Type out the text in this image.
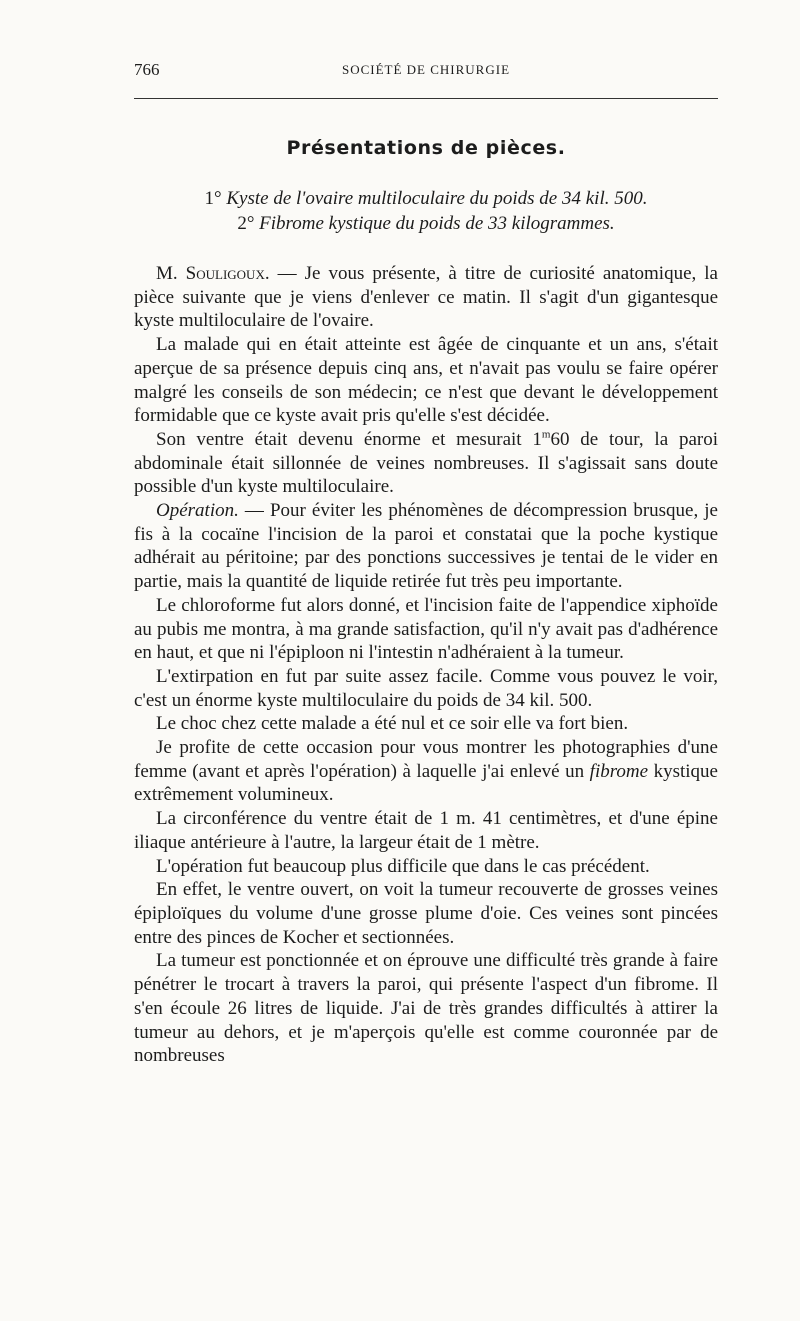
766	SOCIÉTÉ DE CHIRURGIE
Présentations de pièces.
1° Kyste de l'ovaire multiloculaire du poids de 34 kil. 500.
2° Fibrome kystique du poids de 33 kilogrammes.

M. Souligoux. — Je vous présente, à titre de curiosité anatomique, la pièce suivante que je viens d'enlever ce matin. Il s'agit d'un gigantesque kyste multiloculaire de l'ovaire.

La malade qui en était atteinte est âgée de cinquante et un ans, s'était aperçue de sa présence depuis cinq ans, et n'avait pas voulu se faire opérer malgré les conseils de son médecin; ce n'est que devant le développement formidable que ce kyste avait pris qu'elle s'est décidée.

Son ventre était devenu énorme et mesurait 1$^m$60 de tour, la paroi abdominale était sillonnée de veines nombreuses. Il s'agissait sans doute possible d'un kyste multiloculaire.

Opération. — Pour éviter les phénomènes de décompression brusque, je fis à la cocaïne l'incision de la paroi et constatai que la poche kystique adhérait au péritoine; par des ponctions successives je tentai de le vider en partie, mais la quantité de liquide retirée fut très peu importante.

Le chloroforme fut alors donné, et l'incision faite de l'appendice xiphoïde au pubis me montra, à ma grande satisfaction, qu'il n'y avait pas d'adhérence en haut, et que ni l'épiploon ni l'intestin n'adhéraient à la tumeur.

L'extirpation en fut par suite assez facile. Comme vous pouvez le voir, c'est un énorme kyste multiloculaire du poids de 34 kil. 500.

Le choc chez cette malade a été nul et ce soir elle va fort bien.

Je profite de cette occasion pour vous montrer les photographies d'une femme (avant et après l'opération) à laquelle j'ai enlevé un fibrome kystique extrêmement volumineux.

La circonférence du ventre était de 1 m. 41 centimètres, et d'une épine iliaque antérieure à l'autre, la largeur était de 1 mètre.

L'opération fut beaucoup plus difficile que dans le cas précédent.

En effet, le ventre ouvert, on voit la tumeur recouverte de grosses veines épiploïques du volume d'une grosse plume d'oie. Ces veines sont pincées entre des pinces de Kocher et sectionnées.

La tumeur est ponctionnée et on éprouve une difficulté très grande à faire pénétrer le trocart à travers la paroi, qui présente l'aspect d'un fibrome. Il s'en écoule 26 litres de liquide. J'ai de très grandes difficultés à attirer la tumeur au dehors, et je m'aperçois qu'elle est comme couronnée par de nombreuses
